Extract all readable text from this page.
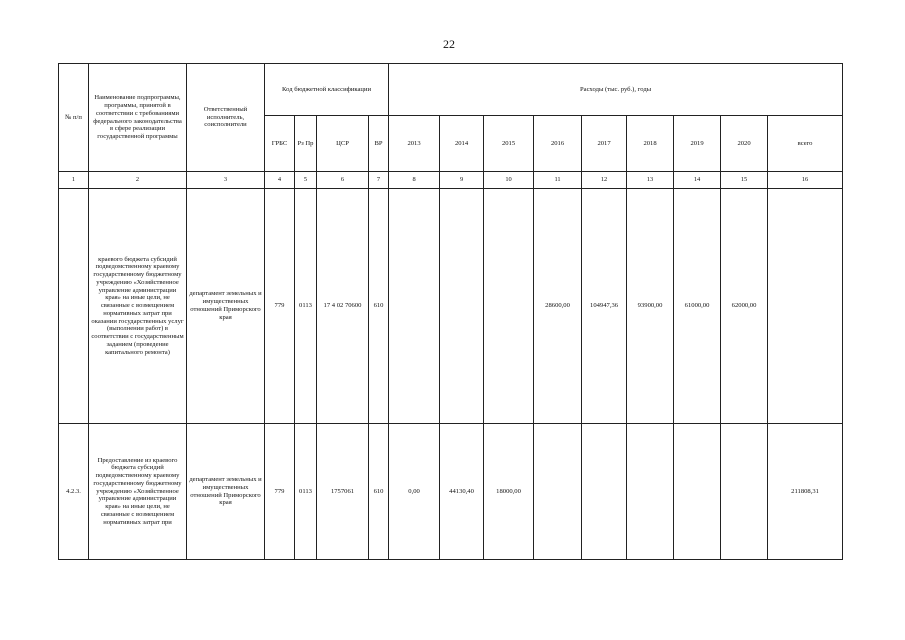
22
№ п/п	Наименование подпрограммы, программы, принятой в соответствии с требованиями федерального законодательства в сфере реализации государственной программы	Ответственный исполнитель, соисполнители	Код бюджетной классификации				Расходы (тыс. руб.), годы								
			ГРБС	Рз Пр	ЦСР	ВР	2013	2014	2015	2016	2017	2018	2019	2020	всего
1	2	3	4	5	6	7	8	9	10	11	12	13	14	15	16
	краевого бюджета субсидий подведомственному краевому государственному бюджетному учреждению «Хозяйственное управление администрации края» на иные цели, не связанные с возмещением нормативных затрат при оказании государственных услуг (выполнении работ) в соответствии с государственным заданием (проведение капитального ремонта)	департамент земельных и имущественных отношений Приморского края	779	0113	17 4 02 70600	610				28600,00	104947,36	93900,00	61000,00	62000,00	
4.2.3.	Предоставление из краевого бюджета субсидий подведомственному краевому государственному бюджетному учреждению «Хозяйственное управление администрации края» на иные цели, не связанные с возмещением нормативных затрат при	департамент земельных и имущественных отношений Приморского края	779	0113	1757061	610	0,00	44130,40	18000,00						211808,31
